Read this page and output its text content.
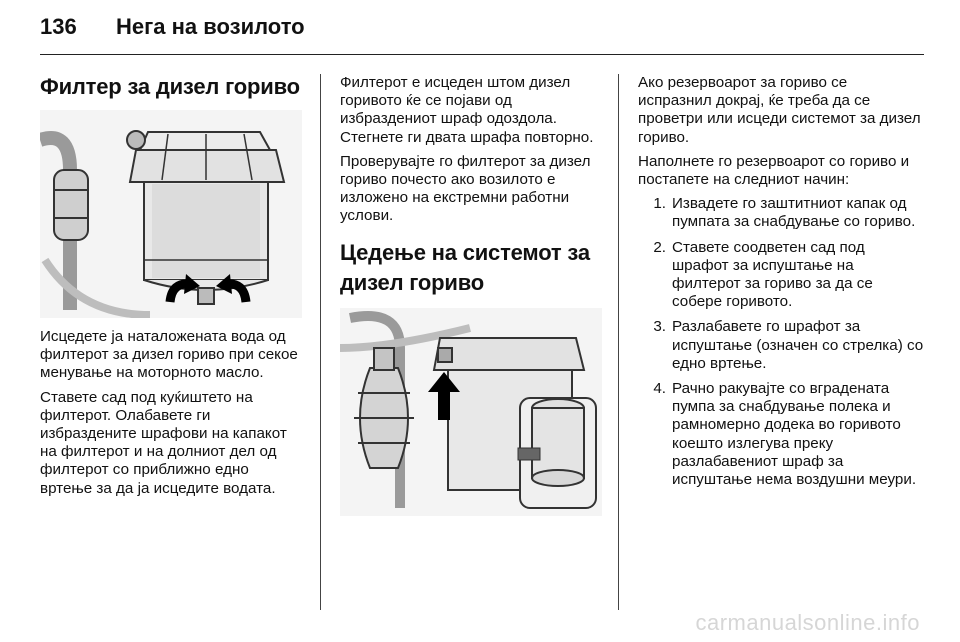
136 Нега на возилото
Филтер за дизел гориво

Исцедете ја наталожената вода од филтерот за дизел гориво при секое менување на моторното масло.

Ставете сад под куќиштето на филтерот. Олабавете ги избраздените шрафови на капакот на филтерот и на долниот дел од филтерот со приближно едно вртење за да ја исцедите водата.

Филтерот е исцеден штом дизел горивото ќе се појави од избраздениот шраф одоздола. Стегнете ги двата шрафа повторно.

Проверувајте го филтерот за дизел гориво почесто ако возилото е изложено на екстремни работни услови.

Цедење на системот за дизел гориво

Ако резервоарот за гориво се испразнил докрај, ќе треба да се проветри или исцеди системот за дизел гориво.

Наполнете го резервоарот со гориво и постапете на следниот начин:

1. Извадете го заштитниот капак од пумпата за снабдување со гориво.
2. Ставете соодветен сад под шрафот за испуштање на филтерот за гориво за да се собере горивото.
3. Разлабавете го шрафот за испуштање (означен со стрелка) со едно вртење.
4. Рачно ракувајте со вградената пумпа за снабдување полека и рамномерно додека во горивото коешто излегува преку разлабавениот шраф за испуштање нема воздушни меури.
carmanualsonline.info
